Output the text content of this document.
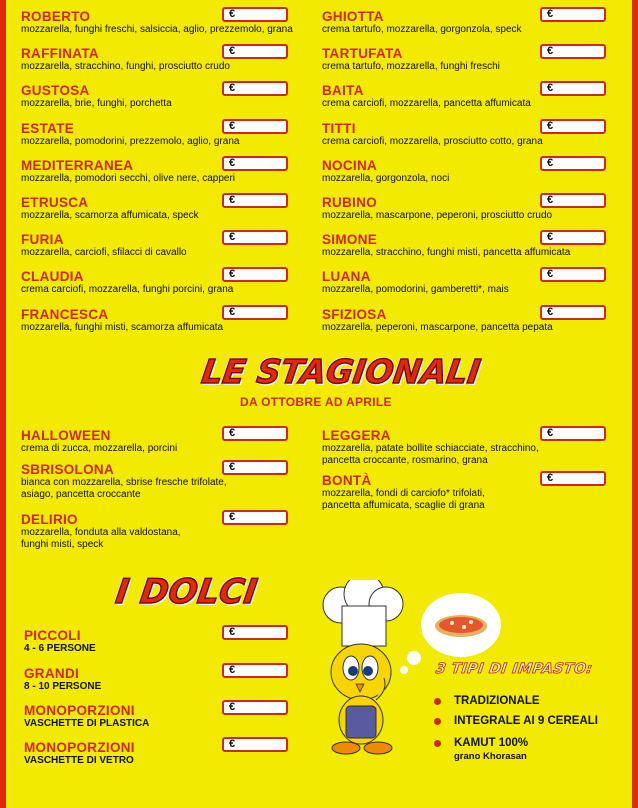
LE STAGIONALI
DA OTTOBRE AD APRILE
I DOLCI
3 TIPI DI IMPASTO:
ROBERTO
mozzarella, funghi freschi, salsiccia, aglio, prezzemolo, grana
€
RAFFINATA
mozzarella, stracchino, funghi, prosciutto crudo
€
GUSTOSA
mozzarella, brie, funghi, porchetta
€
ESTATE
mozzarella, pomodorini, prezzemolo, aglio, grana
€
MEDITERRANEA
mozzarella, pomodori secchi, olive nere, capperi
€
ETRUSCA
mozzarella, scamorza affumicata, speck
€
FURIA
mozzarella, carciofi, sfilacci di cavallo
€
CLAUDIA
crema carciofi, mozzarella, funghi porcini, grana
€
FRANCESCA
mozzarella, funghi misti, scamorza affumicata
€
GHIOTTA
crema tartufo, mozzarella, gorgonzola, speck
€
TARTUFATA
crema tartufo, mozzarella, funghi freschi
€
BAITA
crema carciofi, mozzarella, pancetta affumicata
€
TITTI
crema carciofi, mozzarella, prosciutto cotto, grana
€
NOCINA
mozzarella, gorgonzola, noci
€
RUBINO
mozzarella, mascarpone, peperoni, prosciutto crudo
€
SIMONE
mozzarella, stracchino, funghi misti, pancetta affumicata
€
LUANA
mozzarella, pomodorini, gamberetti*, mais
€
SFIZIOSA
mozzarella, peperoni, mascarpone, pancetta pepata
€
HALLOWEEN
crema di zucca, mozzarella, porcini
€
SBRISOLONA
bianca con mozzarella, sbrise fresche trifolate,
asiago, pancetta croccante
€
DELIRIO
mozzarella, fonduta alla valdostana,
funghi misti, speck
€
LEGGERA
mozzarella, patate bollite schiacciate, stracchino,
pancetta croccante, rosmarino, grana
€
BONTÀ
mozzarella, fondi di carciofo* trifolati,
pancetta affumicata, scaglie di grana
€
PICCOLI
4 - 6 PERSONE
€
GRANDI
8 - 10 PERSONE
€
MONOPORZIONI
VASCHETTE DI PLASTICA
€
MONOPORZIONI
VASCHETTE DI VETRO
€
TRADIZIONALE
INTEGRALE AI 9 CEREALI
KAMUT 100%
grano Khorasan
